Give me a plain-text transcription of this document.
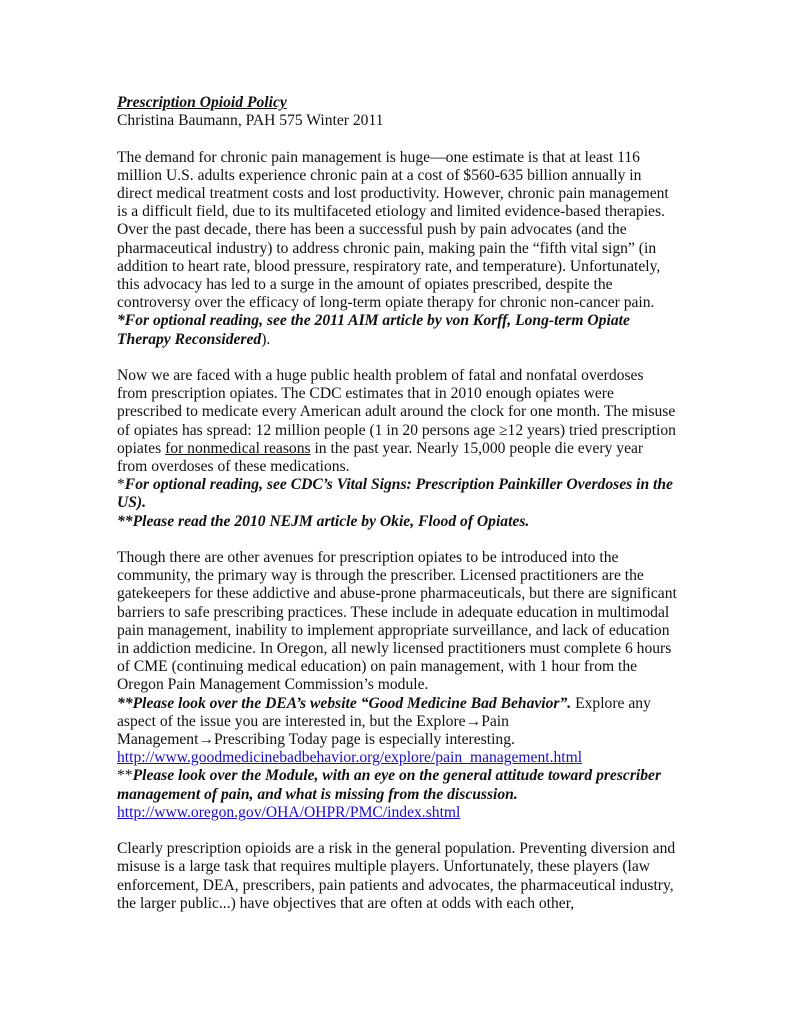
Prescription Opioid Policy

Christina Baumann, PAH 575 Winter 2011

The demand for chronic pain management is huge—one estimate is that at least 116 million U.S. adults experience chronic pain at a cost of $560-635 billion annually in direct medical treatment costs and lost productivity. However, chronic pain management is a difficult field, due to its multifaceted etiology and limited evidence-based therapies. Over the past decade, there has been a successful push by pain advocates (and the pharmaceutical industry) to address chronic pain, making pain the “fifth vital sign” (in addition to heart rate, blood pressure, respiratory rate, and temperature). Unfortunately, this advocacy has led to a surge in the amount of opiates prescribed, despite the controversy over the efficacy of long-term opiate therapy for chronic non-cancer pain. *For optional reading, see the 2011 AIM article by von Korff, Long-term Opiate Therapy Reconsidered).

Now we are faced with a huge public health problem of fatal and nonfatal overdoses from prescription opiates. The CDC estimates that in 2010 enough opiates were prescribed to medicate every American adult around the clock for one month. The misuse of opiates has spread: 12 million people (1 in 20 persons age ≥12 years) tried prescription opiates for nonmedical reasons in the past year. Nearly 15,000 people die every year from overdoses of these medications.

*For optional reading, see CDC’s Vital Signs: Prescription Painkiller Overdoses in the US).

**Please read the 2010 NEJM article by Okie, Flood of Opiates.

Though there are other avenues for prescription opiates to be introduced into the community, the primary way is through the prescriber. Licensed practitioners are the gatekeepers for these addictive and abuse-prone pharmaceuticals, but there are significant barriers to safe prescribing practices. These include in adequate education in multimodal pain management, inability to implement appropriate surveillance, and lack of education in addiction medicine. In Oregon, all newly licensed practitioners must complete 6 hours of CME (continuing medical education) on pain management, with 1 hour from the Oregon Pain Management Commission’s module.

**Please look over the DEA’s website “Good Medicine Bad Behavior”. Explore any aspect of the issue you are interested in, but the Explore→Pain Management→Prescribing Today page is especially interesting.

http://www.goodmedicinebadbehavior.org/explore/pain_management.html

**Please look over the Module, with an eye on the general attitude toward prescriber management of pain, and what is missing from the discussion.

http://www.oregon.gov/OHA/OHPR/PMC/index.shtml

Clearly prescription opioids are a risk in the general population. Preventing diversion and misuse is a large task that requires multiple players. Unfortunately, these players (law enforcement, DEA, prescribers, pain patients and advocates, the pharmaceutical industry, the larger public...) have objectives that are often at odds with each other,
